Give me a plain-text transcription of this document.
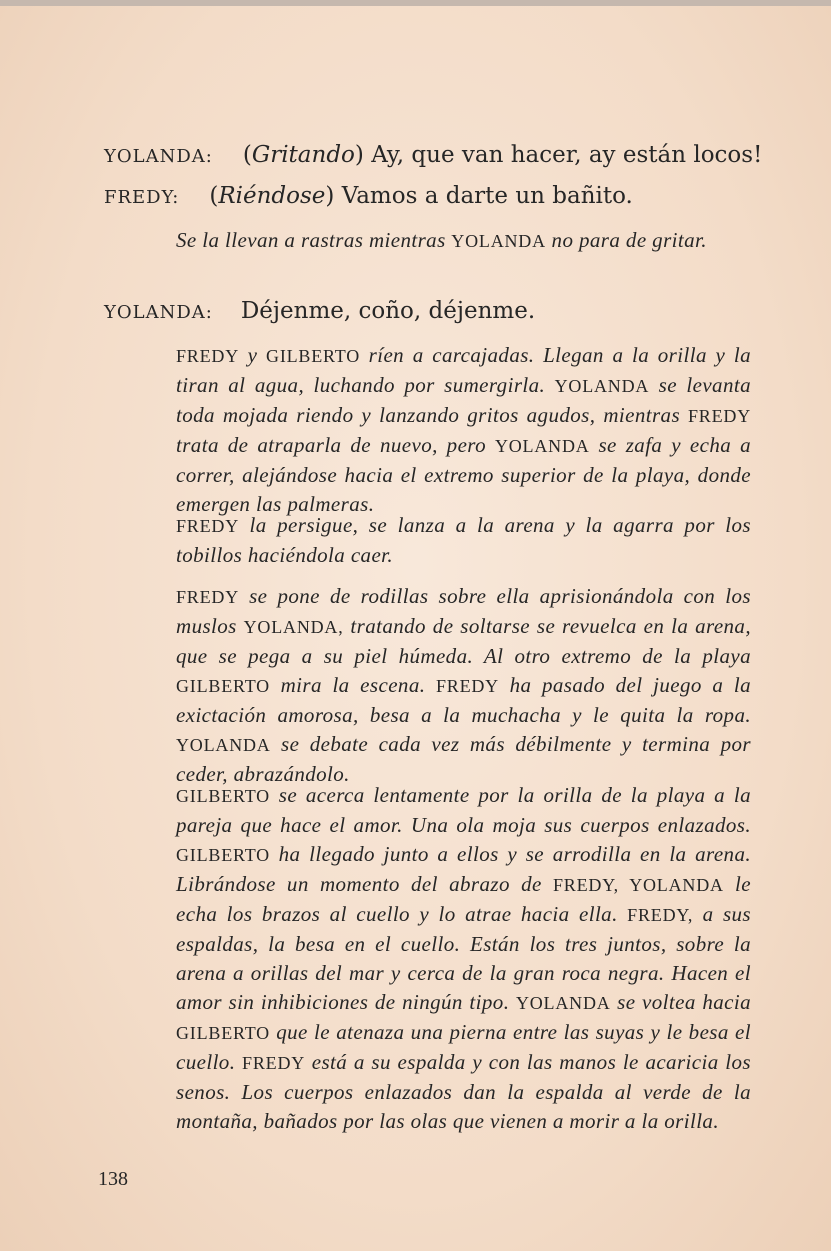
YOLANDA: (Gritando) Ay, que van hacer, ay están locos!
FREDY: (Riéndose) Vamos a darte un bañito.
Se la llevan a rastras mientras YOLANDA no para de gritar.
YOLANDA: Déjenme, coño, déjenme.
FREDY y GILBERTO ríen a carcajadas. Llegan a la orilla y la tiran al agua, luchando por sumergirla. YOLANDA se levanta toda mojada riendo y lanzando gritos agudos, mientras FREDY trata de atraparla de nuevo, pero YOLANDA se zafa y echa a correr, alejándose hacia el extremo superior de la playa, donde emergen las palmeras.
FREDY la persigue, se lanza a la arena y la agarra por los tobillos haciéndola caer.
FREDY se pone de rodillas sobre ella aprisionándola con los muslos YOLANDA, tratando de soltarse se revuelca en la arena, que se pega a su piel húmeda. Al otro extremo de la playa GILBERTO mira la escena. FREDY ha pasado del juego a la exictación amorosa, besa a la muchacha y le quita la ropa. YOLANDA se debate cada vez más débilmente y termina por ceder, abrazándolo.
GILBERTO se acerca lentamente por la orilla de la playa a la pareja que hace el amor. Una ola moja sus cuerpos enlazados. GILBERTO ha llegado junto a ellos y se arrodilla en la arena. Librándose un momento del abrazo de FREDY, YOLANDA le echa los brazos al cuello y lo atrae hacia ella. FREDY, a sus espaldas, la besa en el cuello. Están los tres juntos, sobre la arena a orillas del mar y cerca de la gran roca negra. Hacen el amor sin inhibiciones de ningún tipo. YOLANDA se voltea hacia GILBERTO que le atenaza una pierna entre las suyas y le besa el cuello. FREDY está a su espalda y con las manos le acaricia los senos. Los cuerpos enlazados dan la espalda al verde de la montaña, bañados por las olas que vienen a morir a la orilla.
138
